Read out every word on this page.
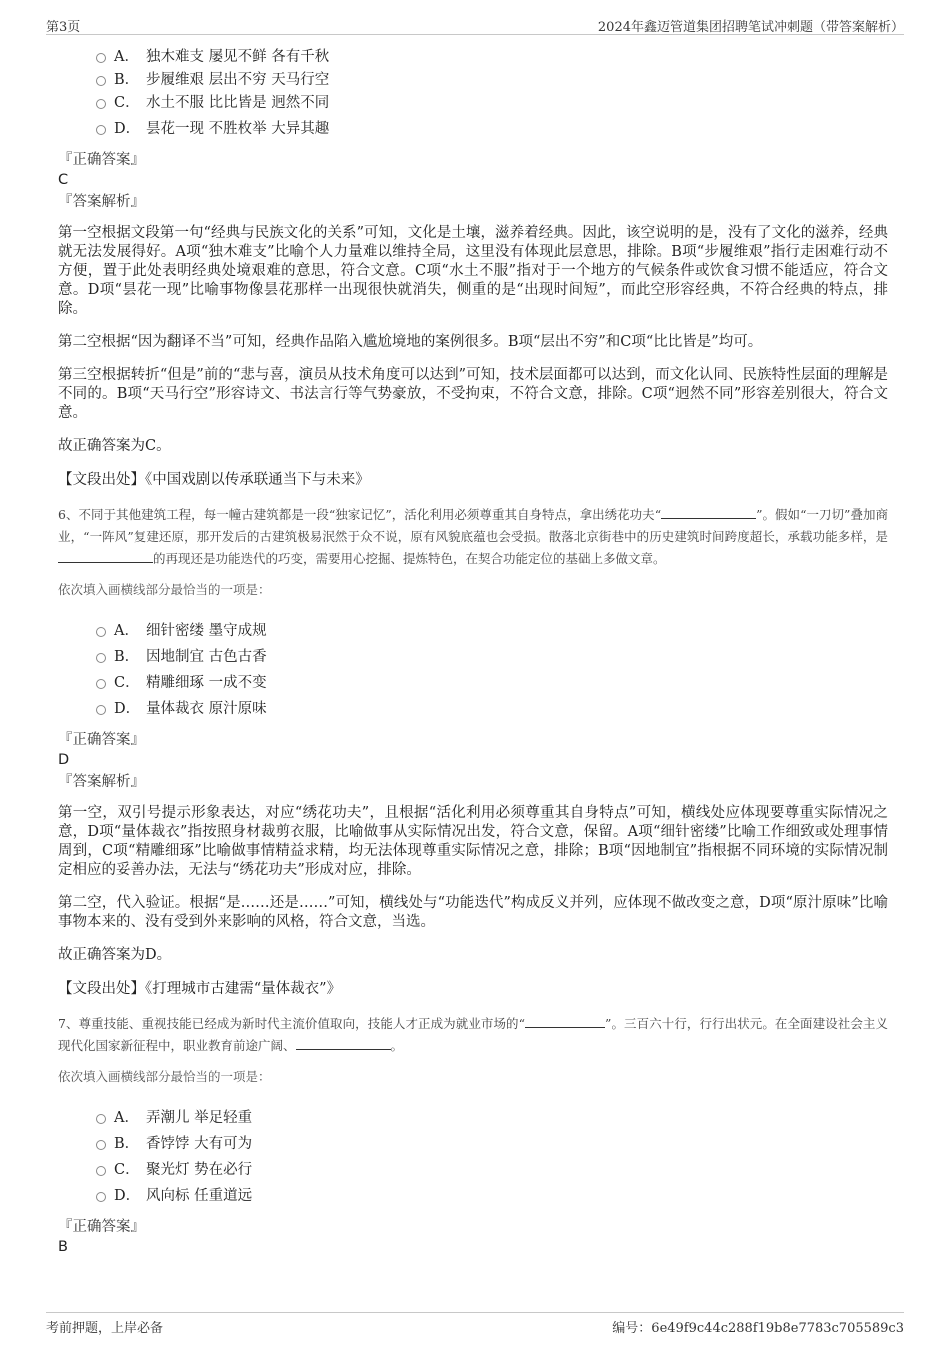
第3页	2024年鑫迈管道集团招聘笔试冲刺题（带答案解析）
A． 独木难支 屡见不鲜 各有千秋
B． 步履维艰 层出不穷 天马行空
C． 水土不服 比比皆是 迥然不同
D． 昙花一现 不胜枚举 大异其趣
『正确答案』
C
『答案解析』
第一空根据文段第一句“经典与民族文化的关系”可知，文化是土壤，滋养着经典。因此，该空说明的是，没有了文化的滋养，经典就无法发展得好。A项“独木难支”比喻个人力量难以维持全局，这里没有体现此层意思，排除。B项“步履维艰”指行走困难行动不方便，置于此处表明经典处境艰难的意思，符合文意。C项“水土不服”指对于一个地方的气候条件或饮食习惯不能适应，符合文意。D项“昙花一现”比喻事物像昙花那样一出现很快就消失，侧重的是“出现时间短”，而此空形容经典，不符合经典的特点，排除。
第二空根据“因为翻译不当”可知，经典作品陷入尴尬境地的案例很多。B项“层出不穷”和C项“比比皆是”均可。
第三空根据转折“但是”前的“悲与喜，演员从技术角度可以达到”可知，技术层面都可以达到，而文化认同、民族特性层面的理解是不同的。B项“天马行空”形容诗文、书法言行等气势豪放，不受拘束，不符合文意，排除。C项“迥然不同”形容差别很大，符合文意。
故正确答案为C。
【文段出处】《中国戏剧以传承联通当下与未来》
6、不同于其他建筑工程，每一幢古建筑都是一段“独家记忆”，活化利用必须尊重其自身特点，拿出绣花功夫“	”。假如“一刀切”叠加商业，“一阵风”复建还原，那开发后的古建筑极易泯然于众不说，原有风貌底蕴也会受损。散落北京街巷中的历史建筑时间跨度超长，承载功能多样，是的再现还是功能迭代的巧变，需要用心挖掘、提炼特色，在契合功能定位的基础上多做文章。
依次填入画横线部分最恰当的一项是：
A． 细针密缕 墨守成规
B． 因地制宜 古色古香
C． 精雕细琢 一成不变
D． 量体裁衣 原汁原味
『正确答案』
D
『答案解析』
第一空，双引号提示形象表达，对应“绣花功夫”，且根据“活化利用必须尊重其自身特点”可知，横线处应体现要尊重实际情况之意，D项“量体裁衣”指按照身材裁剪衣服，比喻做事从实际情况出发，符合文意，保留。A项“细针密缕”比喻工作细致或处理事情周到，C项“精雕细琢”比喻做事情精益求精，均无法体现尊重实际情况之意，排除；B项“因地制宜”指根据不同环境的实际情况制定相应的妥善办法，无法与“绣花功夫”形成对应，排除。
第二空，代入验证。根据“是……还是……”可知，横线处与“功能迭代”构成反义并列，应体现不做改变之意，D项“原汁原味”比喻事物本来的、没有受到外来影响的风格，符合文意，当选。
故正确答案为D。
【文段出处】《打理城市古建需“量体裁衣”》
7、尊重技能、重视技能已经成为新时代主流价值取向，技能人才正成为就业市场的“	”。三百六十行，行行出状元。在全面建设社会主义现代化国家新征程中，职业教育前途广阔、	。
依次填入画横线部分最恰当的一项是：
A． 弄潮儿 举足轻重
B． 香饽饽 大有可为
C． 聚光灯 势在必行
D． 风向标 任重道远
『正确答案』
B
考前押题，上岸必备	编号：6e49f9c44c288f19b8e7783c705589c3
